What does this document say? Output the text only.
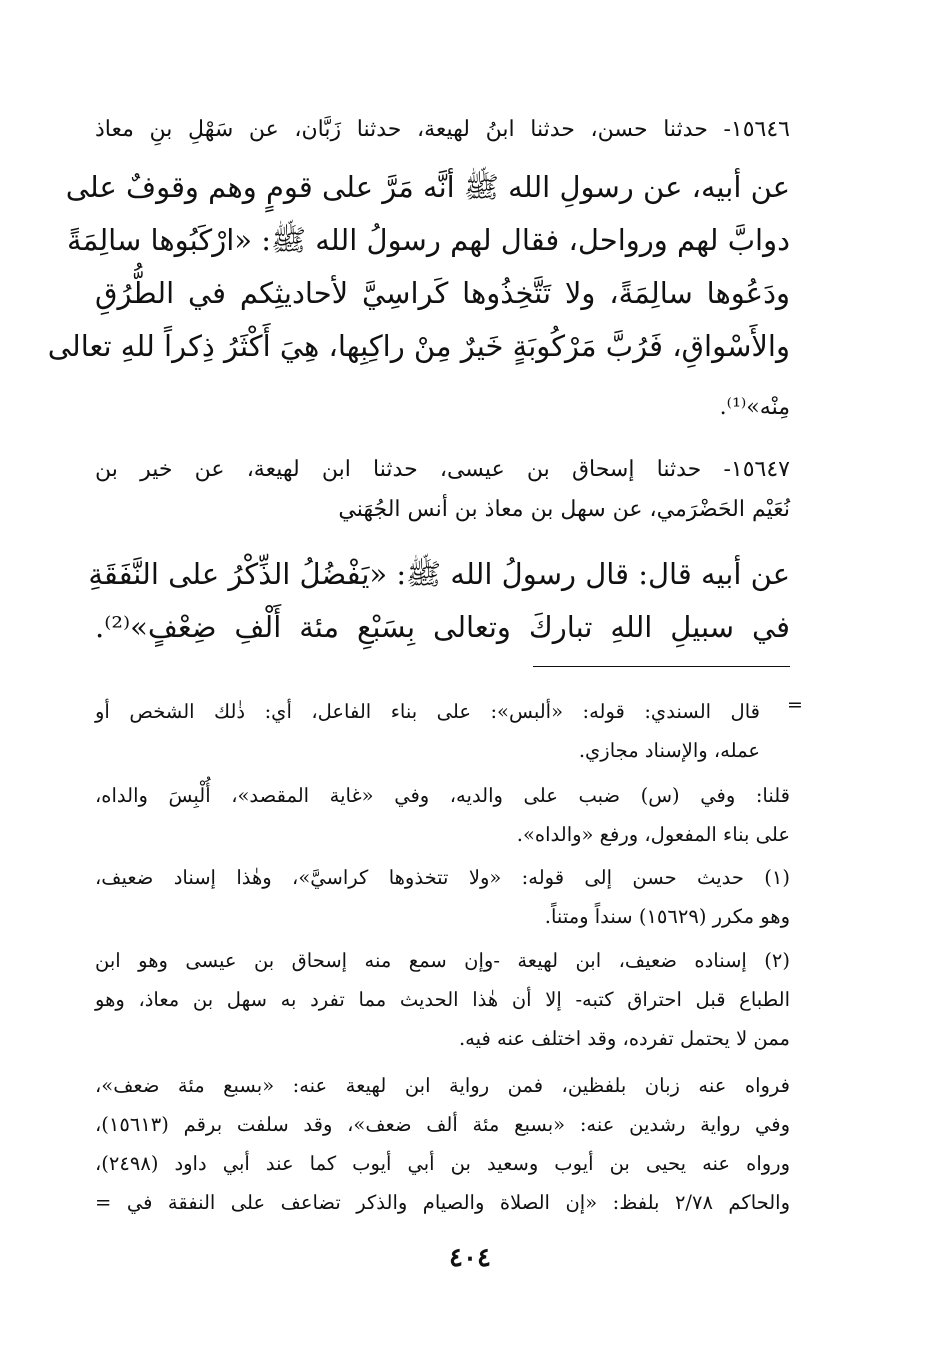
١٥٦٤٦- حدثنا حسن، حدثنا ابنُ لهيعة، حدثنا زَبَّان، عن سَهْلِ بنِ معاذ
عن أبيه، عن رسولِ الله ﷺ أنَّه مَرَّ على قومٍ وهم وقوفٌ على
دوابَّ لهم ورواحل، فقال لهم رسولُ الله ﷺ: «ارْكَبُوها سالِمَةً
ودَعُوها سالِمَةً، ولا تَتَّخِذُوها كَراسِيَّ لأحاديثِكم في الطُّرُقِ
والأَسْواقِ، فَرُبَّ مَرْكُوبَةٍ خَيرٌ مِنْ راكِبِها، هِيَ أَكْثَرُ ذِكراً للهِ تعالى
مِنْه»⁽¹⁾.
١٥٦٤٧- حدثنا إسحاق بن عيسى، حدثنا ابن لهيعة، عن خير بن
نُعَيْم الحَضْرَمي، عن سهل بن معاذ بن أنس الجُهَني
عن أبيه قال: قال رسولُ الله ﷺ: «يَفْضُلُ الذِّكْرُ على النَّفَقَةِ
في سبيلِ اللهِ تباركَ وتعالى بِسَبْعِ مئة أَلْفِ ضِعْفٍ»⁽²⁾.
=
قال السندي: قوله: «ألبس»: على بناء الفاعل، أي: ذٰلك الشخص أو
عمله، والإسناد مجازي.
قلنا: وفي (س) ضبب على والديه، وفي «غاية المقصد»، أُلْبِسَ والداه،
على بناء المفعول، ورفع «والداه».
(١) حديث حسن إلى قوله: «ولا تتخذوها كراسيَّ»، وهٰذا إسناد ضعيف،
وهو مكرر (١٥٦٢٩) سنداً ومتناً.
(٢) إسناده ضعيف، ابن لهيعة -وإن سمع منه إسحاق بن عيسى وهو ابن
الطباع قبل احتراق كتبه- إلا أن هٰذا الحديث مما تفرد به سهل بن معاذ، وهو
ممن لا يحتمل تفرده، وقد اختلف عنه فيه.
فرواه عنه زبان بلفظين، فمن رواية ابن لهيعة عنه: «بسبع مئة ضعف»،
وفي رواية رشدين عنه: «بسبع مئة ألف ضعف»، وقد سلفت برقم (١٥٦١٣)،
ورواه عنه يحيى بن أيوب وسعيد بن أبي أيوب كما عند أبي داود (٢٤٩٨)،
والحاكم ٢/٧٨ بلفظ: «إن الصلاة والصيام والذكر تضاعف على النفقة في =
٤٠٤
